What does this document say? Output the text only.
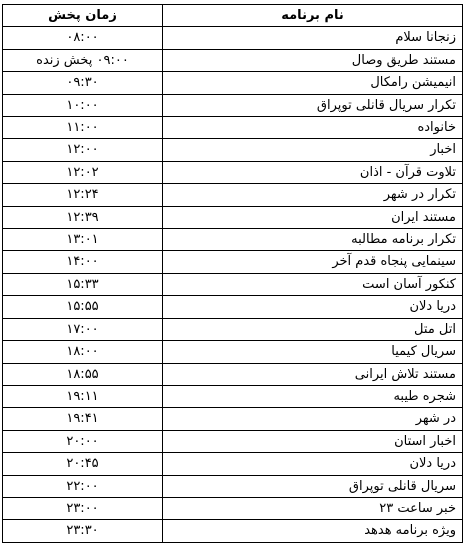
نام برنامه	زمان پخش
زنجانا سلام	۰۸:۰۰
مستند طریق وصال	۰۹:۰۰ پخش زنده
انیمیشن رامکال	۰۹:۳۰
تکرار سریال قانلی توپراق	۱۰:۰۰
خانواده	۱۱:۰۰
اخبار	۱۲:۰۰
تلاوت قرآن - اذان	۱۲:۰۲
تکرار در شهر	۱۲:۲۴
مستند ایران	۱۲:۳۹
تکرار برنامه مطالبه	۱۳:۰۱
سینمایی پنجاه قدم آخر	۱۴:۰۰
کنکور آسان است	۱۵:۳۳
دریا دلان	۱۵:۵۵
اتل متل	۱۷:۰۰
سریال کیمیا	۱۸:۰۰
مستند تلاش ایرانی	۱۸:۵۵
شجره طیبه	۱۹:۱۱
در شهر	۱۹:۴۱
اخبار استان	۲۰:۰۰
دریا دلان	۲۰:۴۵
سریال قانلی توپراق	۲۲:۰۰
خبر ساعت ۲۳	۲۳:۰۰
ویژه برنامه هدهد	۲۳:۳۰
